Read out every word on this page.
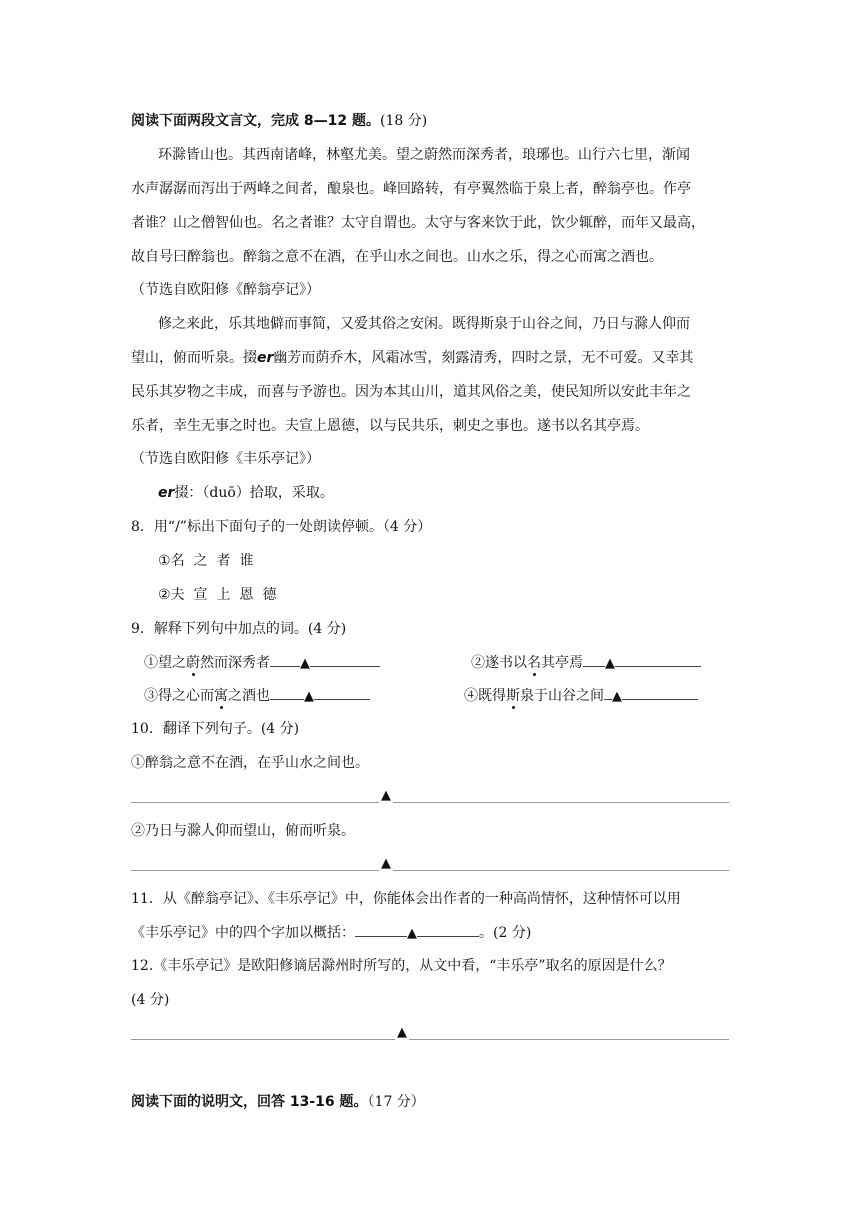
阅读下面两段文言文，完成 8—12 题。(18 分)
环滁皆山也。其西南诸峰，林壑尤美。望之蔚然而深秀者，琅琊也。山行六七里，渐闻
水声潺潺而泻出于两峰之间者，酿泉也。峰回路转，有亭翼然临于泉上者，醉翁亭也。作亭
者谁？山之僧智仙也。名之者谁？太守自谓也。太守与客来饮于此，饮少辄醉，而年又最高，
故自号曰醉翁也。醉翁之意不在酒，在乎山水之间也。山水之乐，得之心而寓之酒也。
（节选自欧阳修《醉翁亭记》）
修之来此，乐其地僻而事简，又爱其俗之安闲。既得斯泉于山谷之间，乃日与滁人仰而
望山，俯而听泉。掇er幽芳而荫乔木，风霜冰雪，刻露清秀，四时之景，无不可爱。又幸其
民乐其岁物之丰成，而喜与予游也。因为本其山川，道其风俗之美，使民知所以安此丰年之
乐者，幸生无事之时也。夫宣上恩德，以与民共乐，刺史之事也。遂书以名其亭焉。
（节选自欧阳修《丰乐亭记》）
er掇：（duō）拾取，采取。
8．用“/”标出下面句子的一处朗读停顿。（4 分）
①名之者谁
②夫宣上恩德
9．解释下列句中加点的词。(4 分)
①望之蔚然而深秀者 ▲	②遂书以名其亭焉 ▲
③得之心而寓之酒也	▲	④既得斯泉于山谷之间 ▲
10．翻译下列句子。(4 分)
①醉翁之意不在酒，在乎山水之间也。
▲
②乃日与滁人仰而望山，俯而听泉。
▲
11．从《醉翁亭记》、《丰乐亭记》中，你能体会出作者的一种高尚情怀，这种情怀可以用
《丰乐亭记》中的四个字加以概括：	▲	。(2 分)
12.《丰乐亭记》是欧阳修谪居滁州时所写的，从文中看，“丰乐亭”取名的原因是什么？
(4 分)
▲
阅读下面的说明文，回答 13-16 题。（17 分）
